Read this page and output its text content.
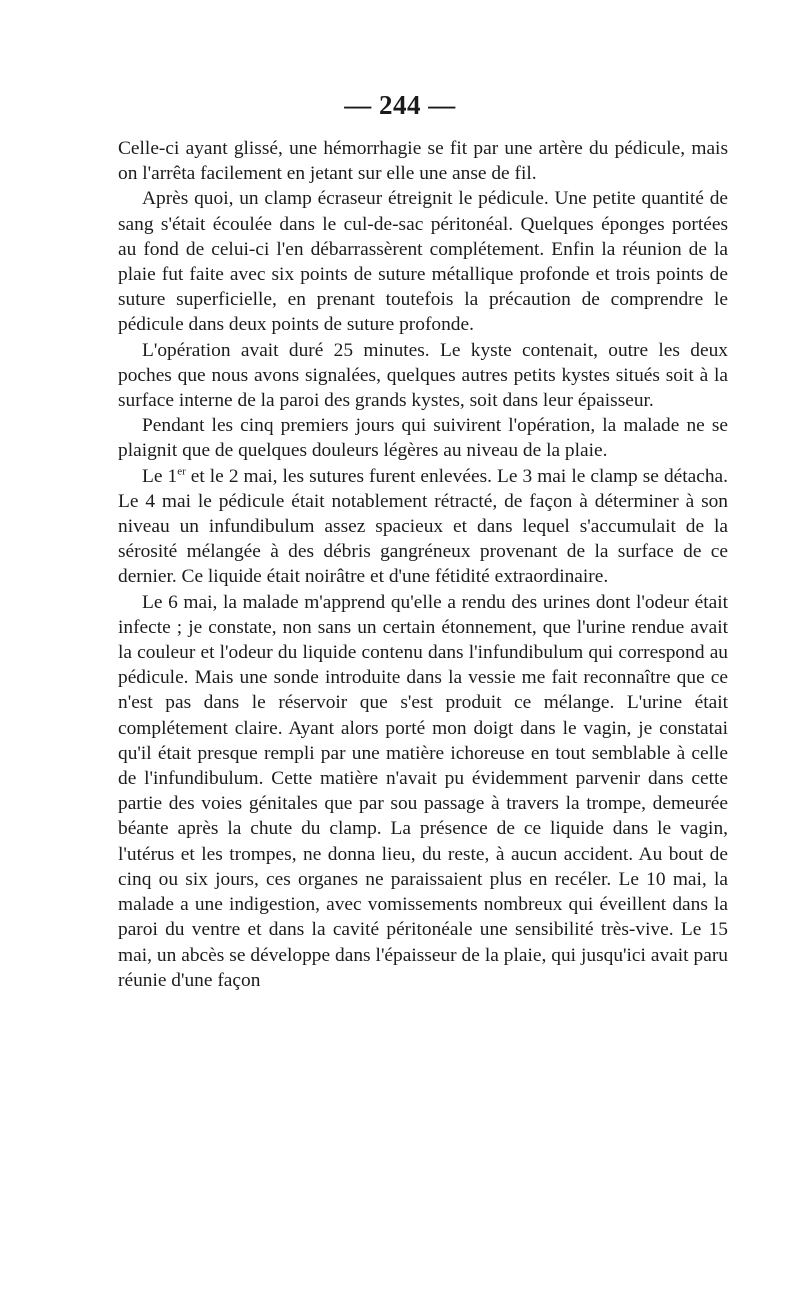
— 244 —

Celle-ci ayant glissé, une hémorrhagie se fit par une artère du pédicule, mais on l'arrêta facilement en jetant sur elle une anse de fil.

Après quoi, un clamp écraseur étreignit le pédicule. Une petite quantité de sang s'était écoulée dans le cul-de-sac péritonéal. Quelques éponges portées au fond de celui-ci l'en débarrassèrent complétement. Enfin la réunion de la plaie fut faite avec six points de suture métallique profonde et trois points de suture superficielle, en prenant toutefois la précaution de comprendre le pédicule dans deux points de suture profonde.

L'opération avait duré 25 minutes. Le kyste contenait, outre les deux poches que nous avons signalées, quelques autres petits kystes situés soit à la surface interne de la paroi des grands kystes, soit dans leur épaisseur.

Pendant les cinq premiers jours qui suivirent l'opération, la malade ne se plaignit que de quelques douleurs légères au niveau de la plaie.

Le 1er et le 2 mai, les sutures furent enlevées. Le 3 mai le clamp se détacha. Le 4 mai le pédicule était notablement rétracté, de façon à déterminer à son niveau un infundibulum assez spacieux et dans lequel s'accumulait de la sérosité mélangée à des débris gangréneux provenant de la surface de ce dernier. Ce liquide était noirâtre et d'une fétidité extraordinaire.

Le 6 mai, la malade m'apprend qu'elle a rendu des urines dont l'odeur était infecte ; je constate, non sans un certain étonnement, que l'urine rendue avait la couleur et l'odeur du liquide contenu dans l'infundibulum qui correspond au pédicule. Mais une sonde introduite dans la vessie me fait reconnaître que ce n'est pas dans le réservoir que s'est produit ce mélange. L'urine était complétement claire. Ayant alors porté mon doigt dans le vagin, je constatai qu'il était presque rempli par une matière ichoreuse en tout semblable à celle de l'infundibulum. Cette matière n'avait pu évidemment parvenir dans cette partie des voies génitales que par sou passage à travers la trompe, demeurée béante après la chute du clamp. La présence de ce liquide dans le vagin, l'utérus et les trompes, ne donna lieu, du reste, à aucun accident. Au bout de cinq ou six jours, ces organes ne paraissaient plus en recéler. Le 10 mai, la malade a une indigestion, avec vomissements nombreux qui éveillent dans la paroi du ventre et dans la cavité péritonéale une sensibilité très-vive. Le 15 mai, un abcès se développe dans l'épaisseur de la plaie, qui jusqu'ici avait paru réunie d'une façon
